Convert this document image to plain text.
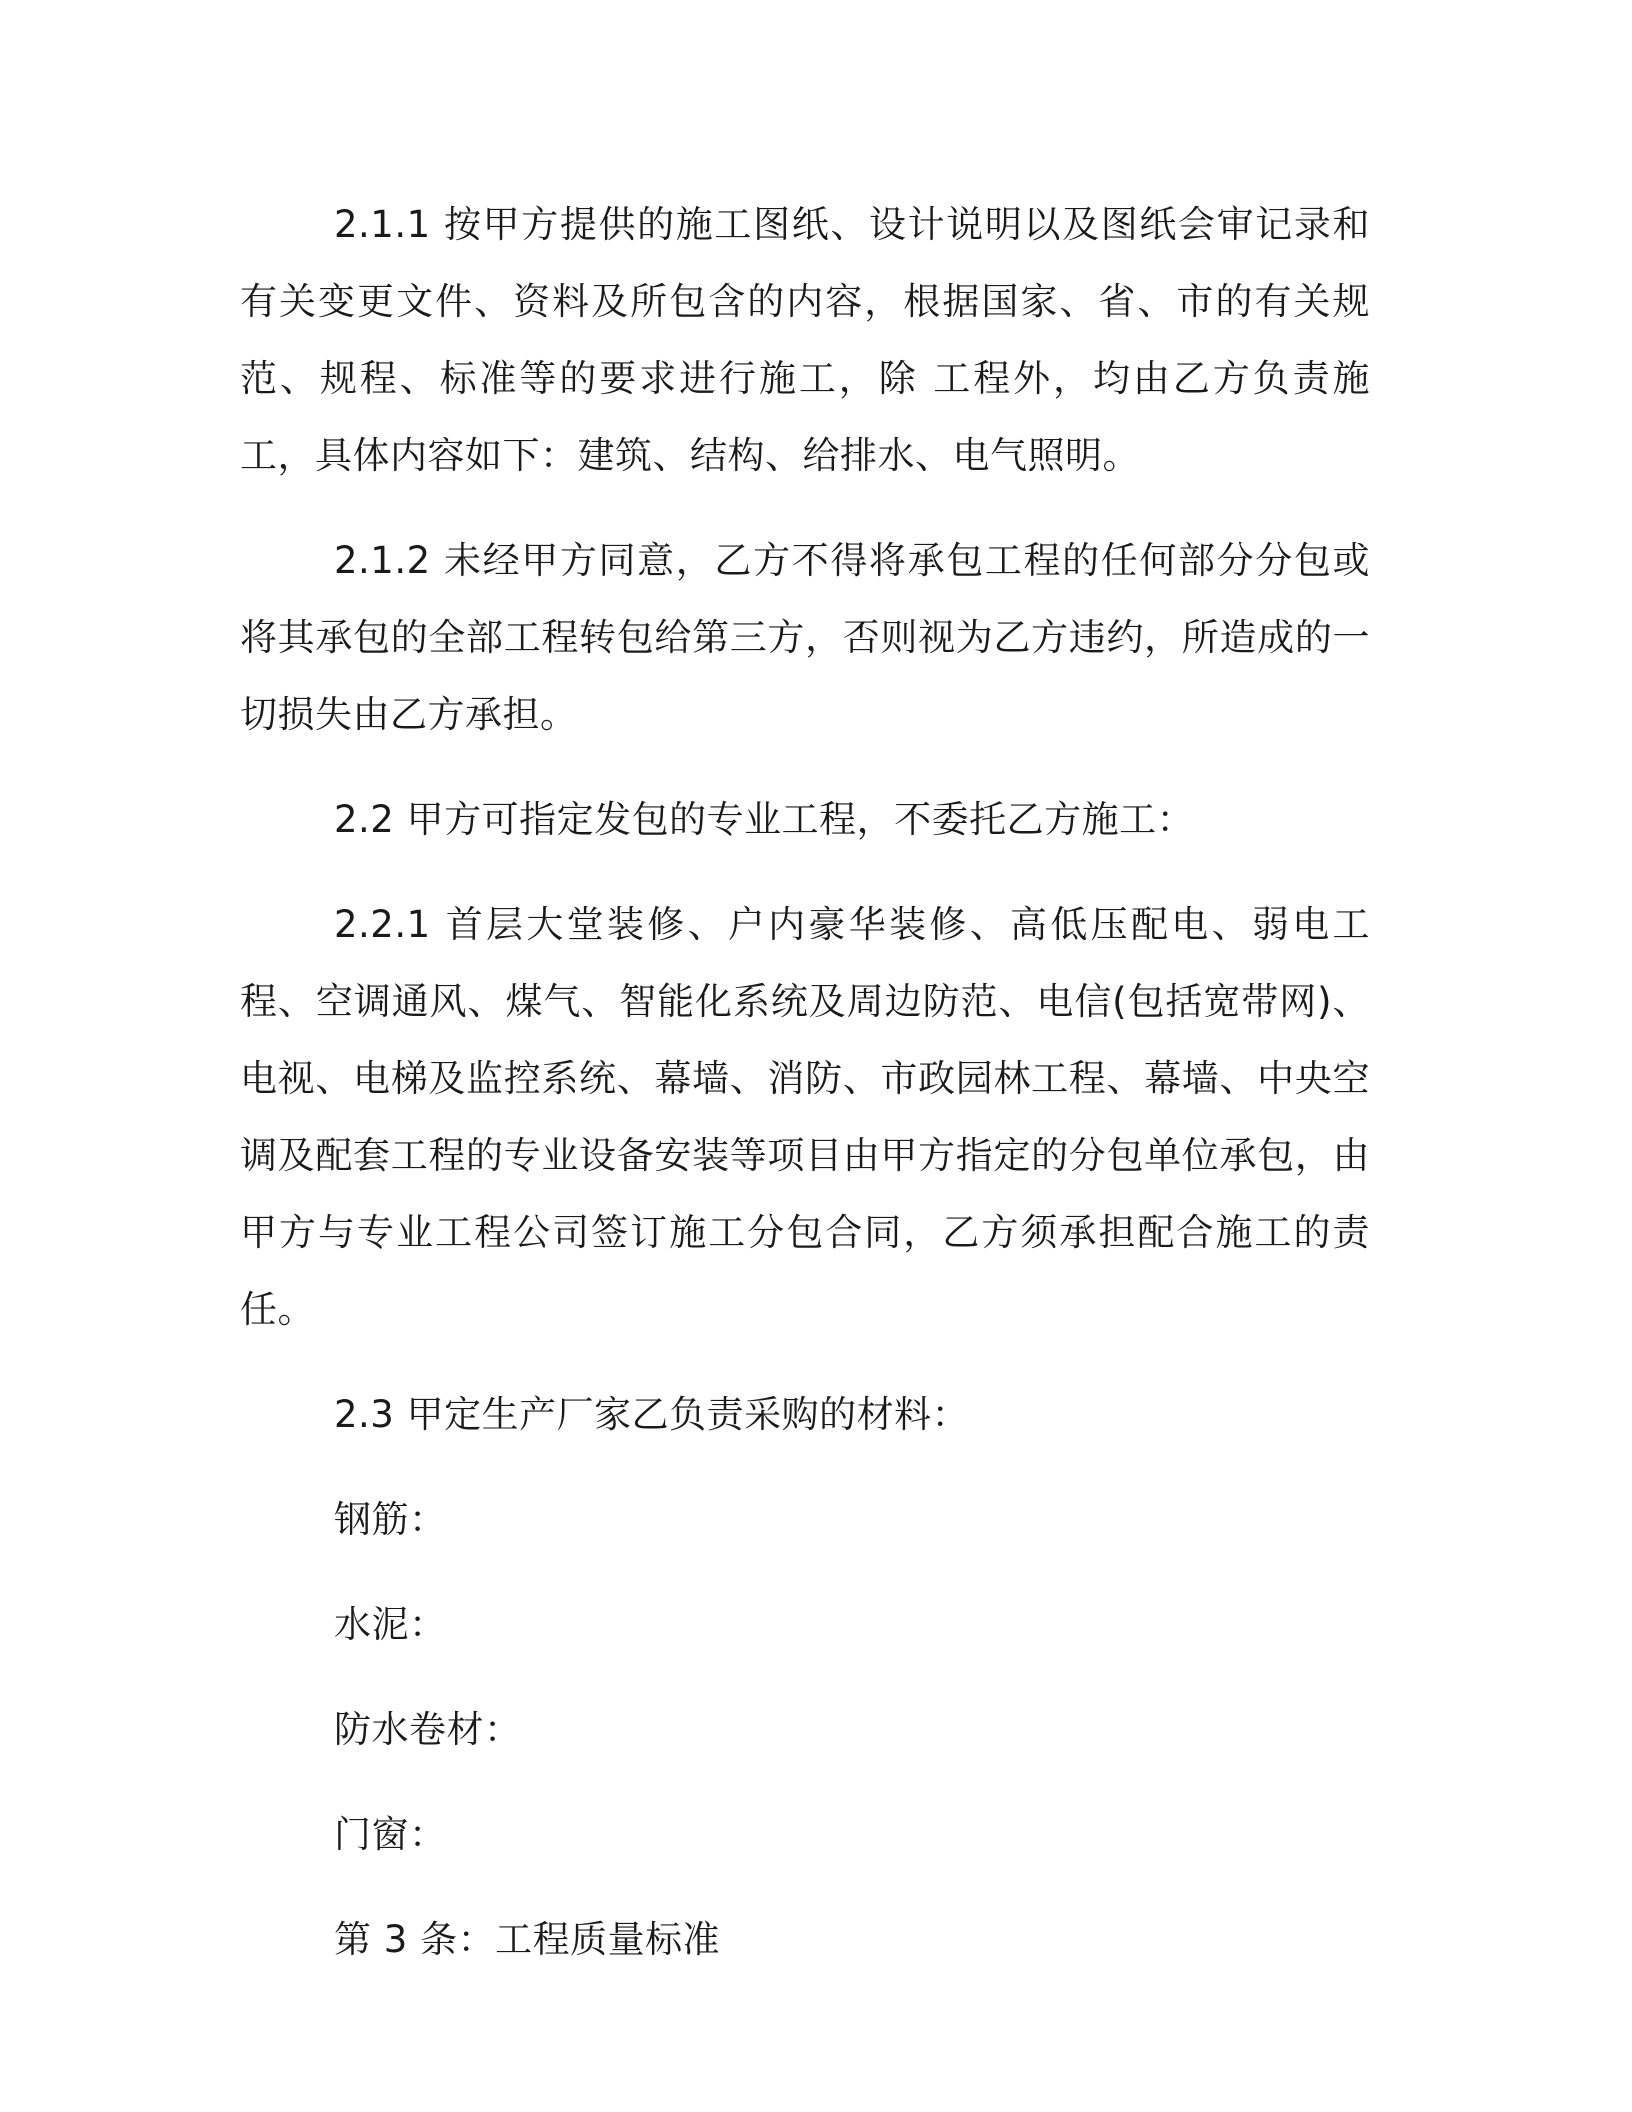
2.1.1 按甲方提供的施工图纸、设计说明以及图纸会审记录和有关变更文件、资料及所包含的内容，根据国家、省、市的有关规范、规程、标准等的要求进行施工，除 工程外，均由乙方负责施工，具体内容如下：建筑、结构、给排水、电气照明。

2.1.2 未经甲方同意，乙方不得将承包工程的任何部分分包或将其承包的全部工程转包给第三方，否则视为乙方违约，所造成的一切损失由乙方承担。

2.2 甲方可指定发包的专业工程，不委托乙方施工：

2.2.1 首层大堂装修、户内豪华装修、高低压配电、弱电工程、空调通风、煤气、智能化系统及周边防范、电信(包括宽带网)、电视、电梯及监控系统、幕墙、消防、市政园林工程、幕墙、中央空调及配套工程的专业设备安装等项目由甲方指定的分包单位承包，由甲方与专业工程公司签订施工分包合同，乙方须承担配合施工的责任。

2.3 甲定生产厂家乙负责采购的材料：

钢筋：

水泥：

防水卷材：

门窗：

第 3 条：工程质量标准
